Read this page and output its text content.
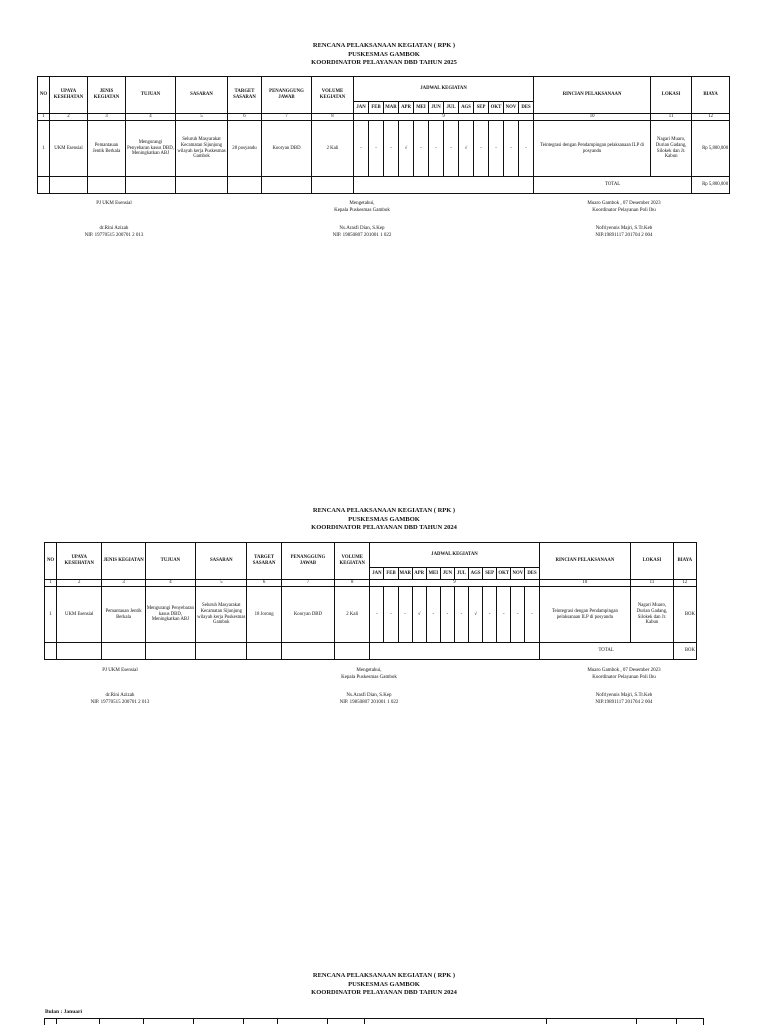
RENCANA PELAKSANAAN KEGIATAN ( RPK )
PUSKESMAS GAMBOK
KOORDINATOR PELAYANAN DBD TAHUN 2025
NO	UPAYA KESEHATAN	JENIS KEGIATAN	TUJUAN	SASARAN	TARGET SASARAN	PENANGGUNG JAWAB	VOLUME KEGIATAN	JADWAL KEGIATAN												RINCIAN PELAKSANAAN	LOKASI	BIAYA
								JAN	FEB	MAR	APR	MEI	JUN	JUL	AGS	SEP	OKT	NOV	DES			
1	2	3	4	5	6	7	8	9												10	11	12
1	UKM Esensial	Pemantauan Jentik Berkala	Mengurangi Penyebaran kasus DBD, Meningkatkan ABJ	Seluruh Masyarakat Kecamatan Sijunjung wilayah kerja Puskesmas Gambok	28 posyandu	Kooryan DBD	2 Kali	-	-	-	√	-	-	-	√	-	-	-	-	Teintegrasi dengan Pendampingan pelaksanaan ILP di posyandu	Nagari Muaro, Durian Gadang, Silokek dan Jr. Kabun	Rp 5,800,000
																				TOTAL		Rp 5,800,000
PJ UKM Esensial
dr.Rini Azizah
NIP. 19770515 200701 2 013
Mengetahui,
Kepala Puskesmas Gambok
Ns.Arasfi Dian, S.Kep
NIP. 19850807 201001 1 022
Muaro Gambok , 07 Desember 2023
Koordinator Pelayanan Poli Ibu
Nofriyennis Majri, S.Tr.Keb
NIP.19891117 201704 2 004
RENCANA PELAKSANAAN KEGIATAN ( RPK )
PUSKESMAS GAMBOK
KOORDINATOR PELAYANAN DBD TAHUN 2024
NO	UPAYA KESEHATAN	JENIS KEGIATAN	TUJUAN	SASARAN	TARGET SASARAN	PENANGGUNG JAWAB	VOLUME KEGIATAN	JADWAL KEGIATAN												RINCIAN PELAKSANAAN	LOKASI	BIAYA
								JAN	FEB	MAR	APR	MEI	JUN	JUL	AGS	SEP	OKT	NOV	DES			
1	2	3	4	5	6	7	8	9												10	11	12
1	UKM Esensial	Pemantauan Jentik Berkala	Mengurangi Penyebaran kasus DBD, Meningkatkan ABJ	Seluruh Masyarakat Kecamatan Sijunjung wilayah kerja Puskesmas Gambok	18 Jorong	Kooryan DBD	2 Kali	-	-	-	√	-	-	-	√	-	-	-	-	Teintegrasi dengan Pendampingan pelaksanaan ILP di posyandu	Nagari Muaro, Durian Gadang, Silokek dan Jr. Kabun	BOK
																				TOTAL		BOK
PJ UKM Esensial
dr.Rini Azizah
NIP. 19770515 200701 2 013
Mengetahui,
Kepala Puskesmas Gambok
Ns.Arasfi Dian, S.Kep
NIP. 19850807 201001 1 022
Muaro Gambok , 07 Desember 2023
Koordinator Pelayanan Poli Ibu
Nofriyennis Majri, S.Tr.Keb
NIP.19891117 201704 2 004
RENCANA PELAKSANAAN KEGIATAN ( RPK )
PUSKESMAS GAMBOK
KOORDINATOR PELAYANAN DBD TAHUN 2024
Bulan : Januari
